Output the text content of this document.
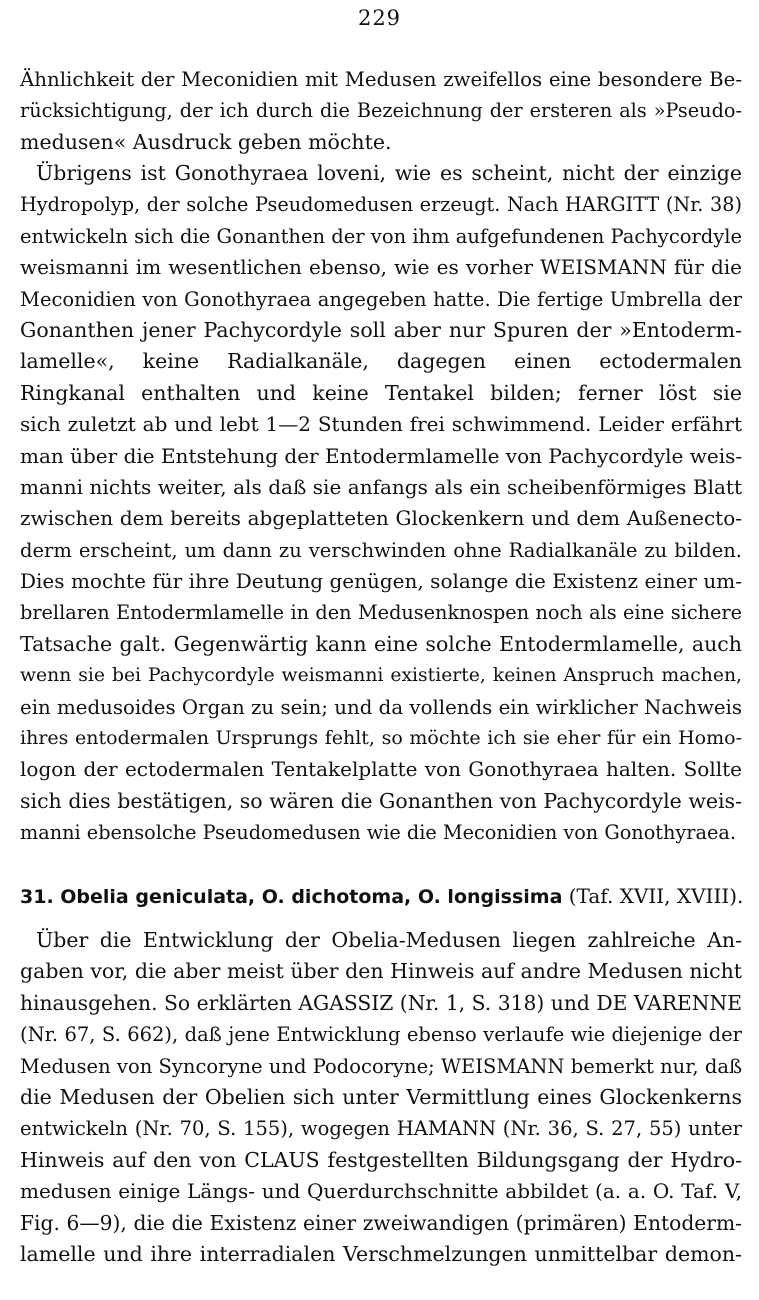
229
Ähnlichkeit der Meconidien mit Medusen zweifellos eine besondere Be-
rücksichtigung, der ich durch die Bezeichnung der ersteren als »Pseudo-
medusen« Ausdruck geben möchte.
Übrigens ist Gonothyraea loveni, wie es scheint, nicht der einzige
Hydropolyp, der solche Pseudomedusen erzeugt. Nach HARGITT (Nr. 38)
entwickeln sich die Gonanthen der von ihm aufgefundenen Pachycordyle
weismanni im wesentlichen ebenso, wie es vorher WEISMANN für die
Meconidien von Gonothyraea angegeben hatte. Die fertige Umbrella der
Gonanthen jener Pachycordyle soll aber nur Spuren der »Entoderm-
lamelle«, keine Radialkanäle, dagegen einen ectodermalen
Ringkanal enthalten und keine Tentakel bilden; ferner löst sie
sich zuletzt ab und lebt 1—2 Stunden frei schwimmend. Leider erfährt
man über die Entstehung der Entodermlamelle von Pachycordyle weis-
manni nichts weiter, als daß sie anfangs als ein scheibenförmiges Blatt
zwischen dem bereits abgeplatteten Glockenkern und dem Außenecto-
derm erscheint, um dann zu verschwinden ohne Radialkanäle zu bilden.
Dies mochte für ihre Deutung genügen, solange die Existenz einer um-
brellaren Entodermlamelle in den Medusenknospen noch als eine sichere
Tatsache galt. Gegenwärtig kann eine solche Entodermlamelle, auch
wenn sie bei Pachycordyle weismanni existierte, keinen Anspruch machen,
ein medusoides Organ zu sein; und da vollends ein wirklicher Nachweis
ihres entodermalen Ursprungs fehlt, so möchte ich sie eher für ein Homo-
logon der ectodermalen Tentakelplatte von Gonothyraea halten. Sollte
sich dies bestätigen, so wären die Gonanthen von Pachycordyle weis-
manni ebensolche Pseudomedusen wie die Meconidien von Gonothyraea.
31. Obelia geniculata, O. dichotoma, O. longissima (Taf. XVII, XVIII).
Über die Entwicklung der Obelia-Medusen liegen zahlreiche An-
gaben vor, die aber meist über den Hinweis auf andre Medusen nicht
hinausgehen. So erklärten AGASSIZ (Nr. 1, S. 318) und DE VARENNE
(Nr. 67, S. 662), daß jene Entwicklung ebenso verlaufe wie diejenige der
Medusen von Syncoryne und Podocoryne; WEISMANN bemerkt nur, daß
die Medusen der Obelien sich unter Vermittlung eines Glockenkerns
entwickeln (Nr. 70, S. 155), wogegen HAMANN (Nr. 36, S. 27, 55) unter
Hinweis auf den von CLAUS festgestellten Bildungsgang der Hydro-
medusen einige Längs- und Querdurchschnitte abbildet (a. a. O. Taf. V,
Fig. 6—9), die die Existenz einer zweiwandigen (primären) Entoderm-
lamelle und ihre interradialen Verschmelzungen unmittelbar demon-
